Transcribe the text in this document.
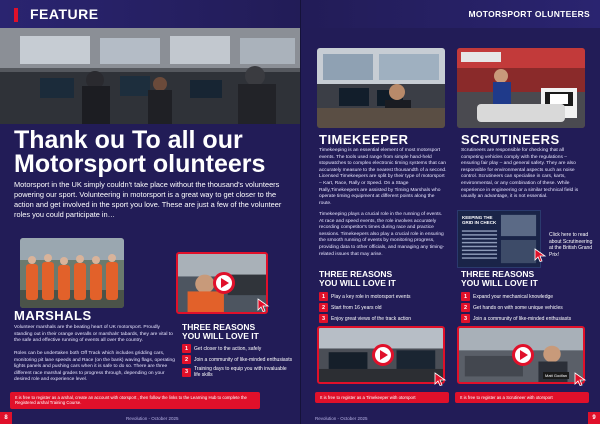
FEATURE
Thank ou To all our
Motorsport olunteers

Motorsport in the UK simply couldn't take place without the thousand's volunteers powering our sport. Volunteering in motorsport is a great way to get closer to the action and get involved in the sport you love. These are just a few of the volunteer roles you could participate in…

MARSHALS

Volunteer marshals are the beating heart of UK motorsport. Proudly standing out in their orange overalls or marshals' tabards, they are vital to the safe and effective running of events all over the country.

Roles can be undertaken both Off Track which includes gridding cars, monitoring pit lane speeds and Race (on the bank) waving flags, operating lights panels and pushing cars when it is safe to do so. There are three different race marshal grades to progress through, depending on your desired role and experience level.

THREE REASONS
YOU WILL LOVE IT
1	Get closer to the action, safely
2	Join a community of like-minded enthusiasts
3	Training days to equip you with invaluable life skills
It is free to register as a arshal, create an account with otorsport , then follow the links to the Learning Hub to complete the Registered arshal Training Course.
Revolution - October 2025
8
MOTORSPORT OLUNTEERS
TIMEKEEPER

Timekeeping is an essential element of most motorsport events. The tools used range from simple hand-held stopwatches to complex electronic timing systems that can accurately measure to the nearest thousandth of a second. Licensed Timekeepers are split by their type of motorsport – Kart, Race, Rally or Speed. On a Stage Rally,Timekeepers are assisted by Timing Marshals who operate timing equipment at different points along the route.

Timekeeping plays a crucial role in the running of events. At race and speed events, the role involves accurately recording competitor's times during race and practice sessions. Timekeepers also play a crucial role in ensuring the smooth running of events by monitoring progress, providing data to other officials, and managing any timing-related issues that may arise.

THREE REASONS
YOU WILL LOVE IT
1	Play a key role in motorsport events
2	Start from 16 years old
3	Enjoy great views of the track action
It is free to register as a Timekeeper with otorsport
SCRUTINEERS

Scrutineers are responsible for checking that all competing vehicles comply with the regulations – ensuring fair play – and general safety. They are also responsible for environmental aspects such as noise control. Scrutineers can specialise in cars, karts, environmental, or any combination of these. While experience in engineering or a similar technical field is usually an advantage, it is not essential.

KEEPING THE GRID IN CHECK
Click here to read about Scrutineering at the British Grand Prix!
THREE REASONS
YOU WILL LOVE IT
1	Expand your mechanical knowledge
2	Get hands on with some unique vehicles
3	Join a community of like-minded enthusiasts
Matt Godfan
It is free to register as a Scrutineer with otorsport
Revolution - October 2025	9
